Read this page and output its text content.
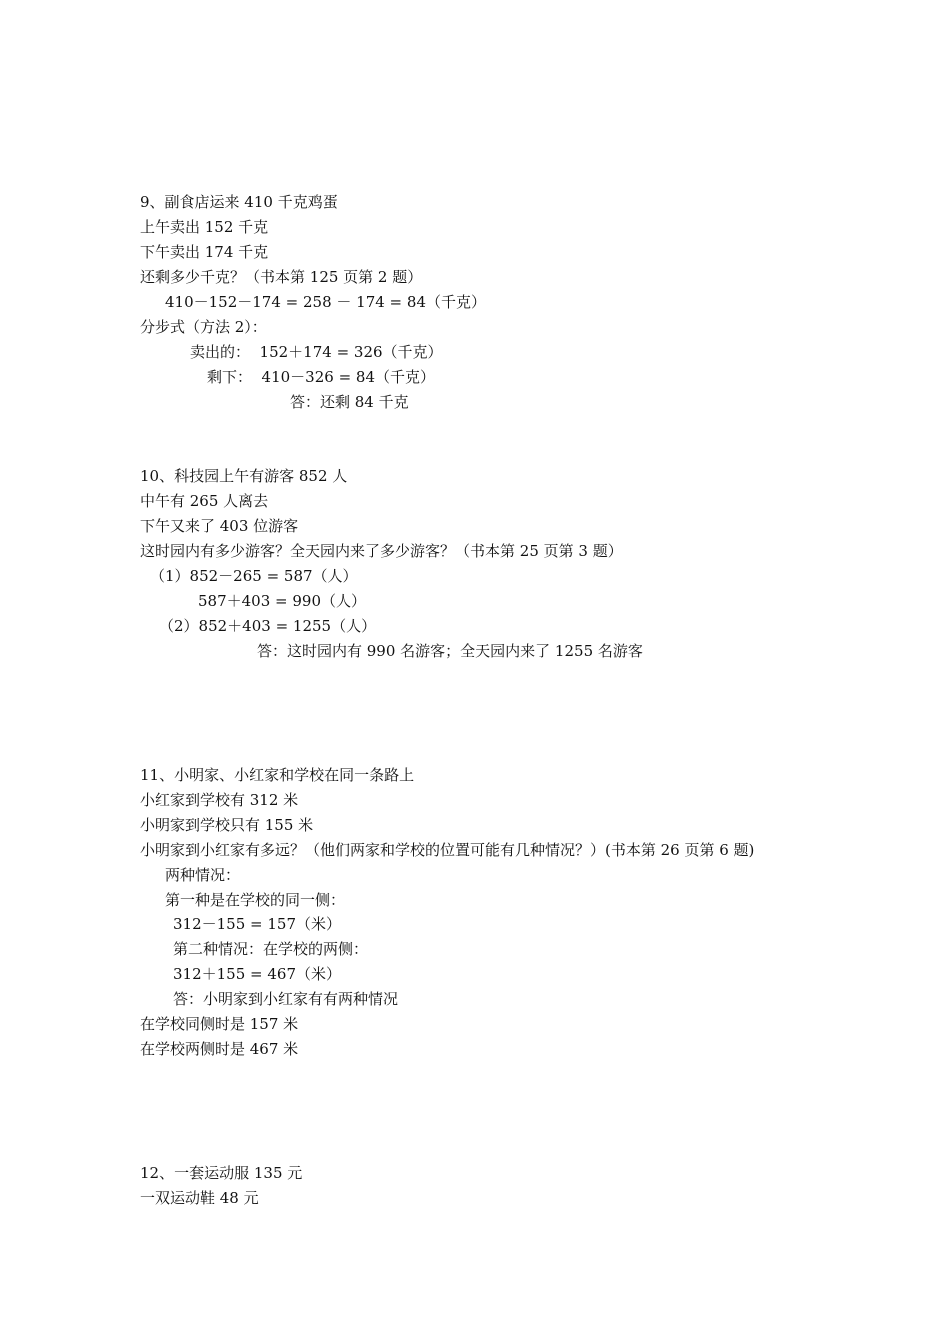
9、副食店运来 410 千克鸡蛋
上午卖出 152 千克
下午卖出 174 千克
还剩多少千克？（书本第 125 页第 2 题）
410－152－174 = 258 － 174 = 84（千克）
分步式（方法 2）：
卖出的：  152＋174 = 326（千克）
剩下：  410－326 = 84（千克）
答：还剩 84 千克
10、科技园上午有游客 852 人
中午有 265 人离去
下午又来了 403 位游客
这时园内有多少游客？全天园内来了多少游客？（书本第 25 页第 3 题）
（1）852－265 = 587（人）
587＋403 = 990（人）
（2）852＋403 = 1255（人）
答：这时园内有 990 名游客；全天园内来了 1255 名游客
11、小明家、小红家和学校在同一条路上
小红家到学校有 312 米
小明家到学校只有 155 米
小明家到小红家有多远？（他们两家和学校的位置可能有几种情况？）(书本第 26 页第 6 题)
两种情况：
第一种是在学校的同一侧：
312－155 = 157（米）
第二种情况：在学校的两侧：
312＋155 = 467（米）
答：小明家到小红家有有两种情况
在学校同侧时是 157 米
在学校两侧时是 467 米
12、一套运动服 135 元
一双运动鞋 48 元
